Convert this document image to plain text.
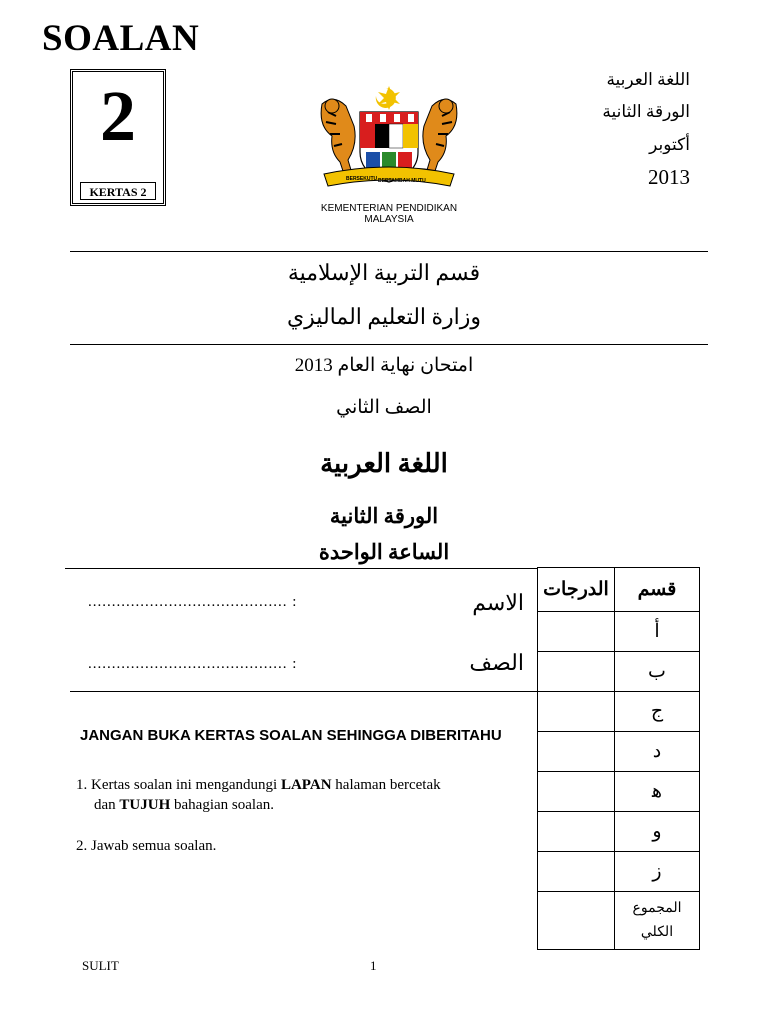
SOALAN
2
KERTAS 2
BERSEKUTU BERTAMBAH MUTU
KEMENTERIAN PENDIDIKAN MALAYSIA
اللغة العربية
الورقة الثانية
أكتوبر
2013
قسم التربية الإسلامية
وزارة التعليم الماليزي
امتحان نهاية العام 2013
الصف الثاني
اللغة العربية
الورقة الثانية
الساعة الواحدة
.......................................... :	الاسم
.......................................... :	الصف
JANGAN BUKA KERTAS SOALAN SEHINGGA DIBERITAHU
1. Kertas soalan ini mengandungi LAPAN halaman bercetak
dan TUJUH bahagian soalan.
2. Jawab semua soalan.
الدرجات	قسم
	أ
	ب
	ج
	د
	ﻫ
	و
	ز
	المجموع
الكلي
SULIT	1
